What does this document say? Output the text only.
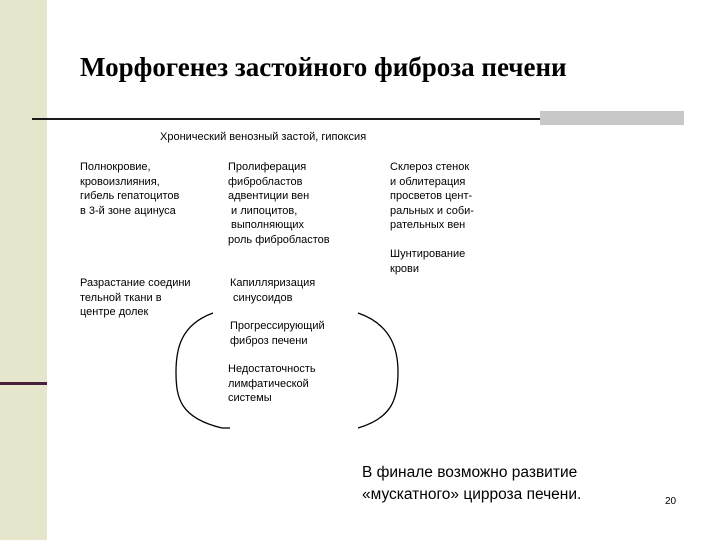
Морфогенез застойного фиброза печени
Хронический венозный застой, гипоксия
Полнокровие,
кровоизлияния,
гибель гепатоцитов
в 3-й зоне ацинуса
Пролиферация
фибробластов
адвентиции вен
и липоцитов,
выполняющих
роль фибробластов
Склероз стенок
и облитерация
просветов цент-
ральных и соби-
рательных вен
Шунтирование
крови
Разрастание соедини
тельной ткани в
центре долек
Капилляризация
синусоидов
Прогрессирующий
фиброз печени
Недостаточность
лимфатической
системы
В финале возможно развитие
«мускатного» цирроза печени.	20
